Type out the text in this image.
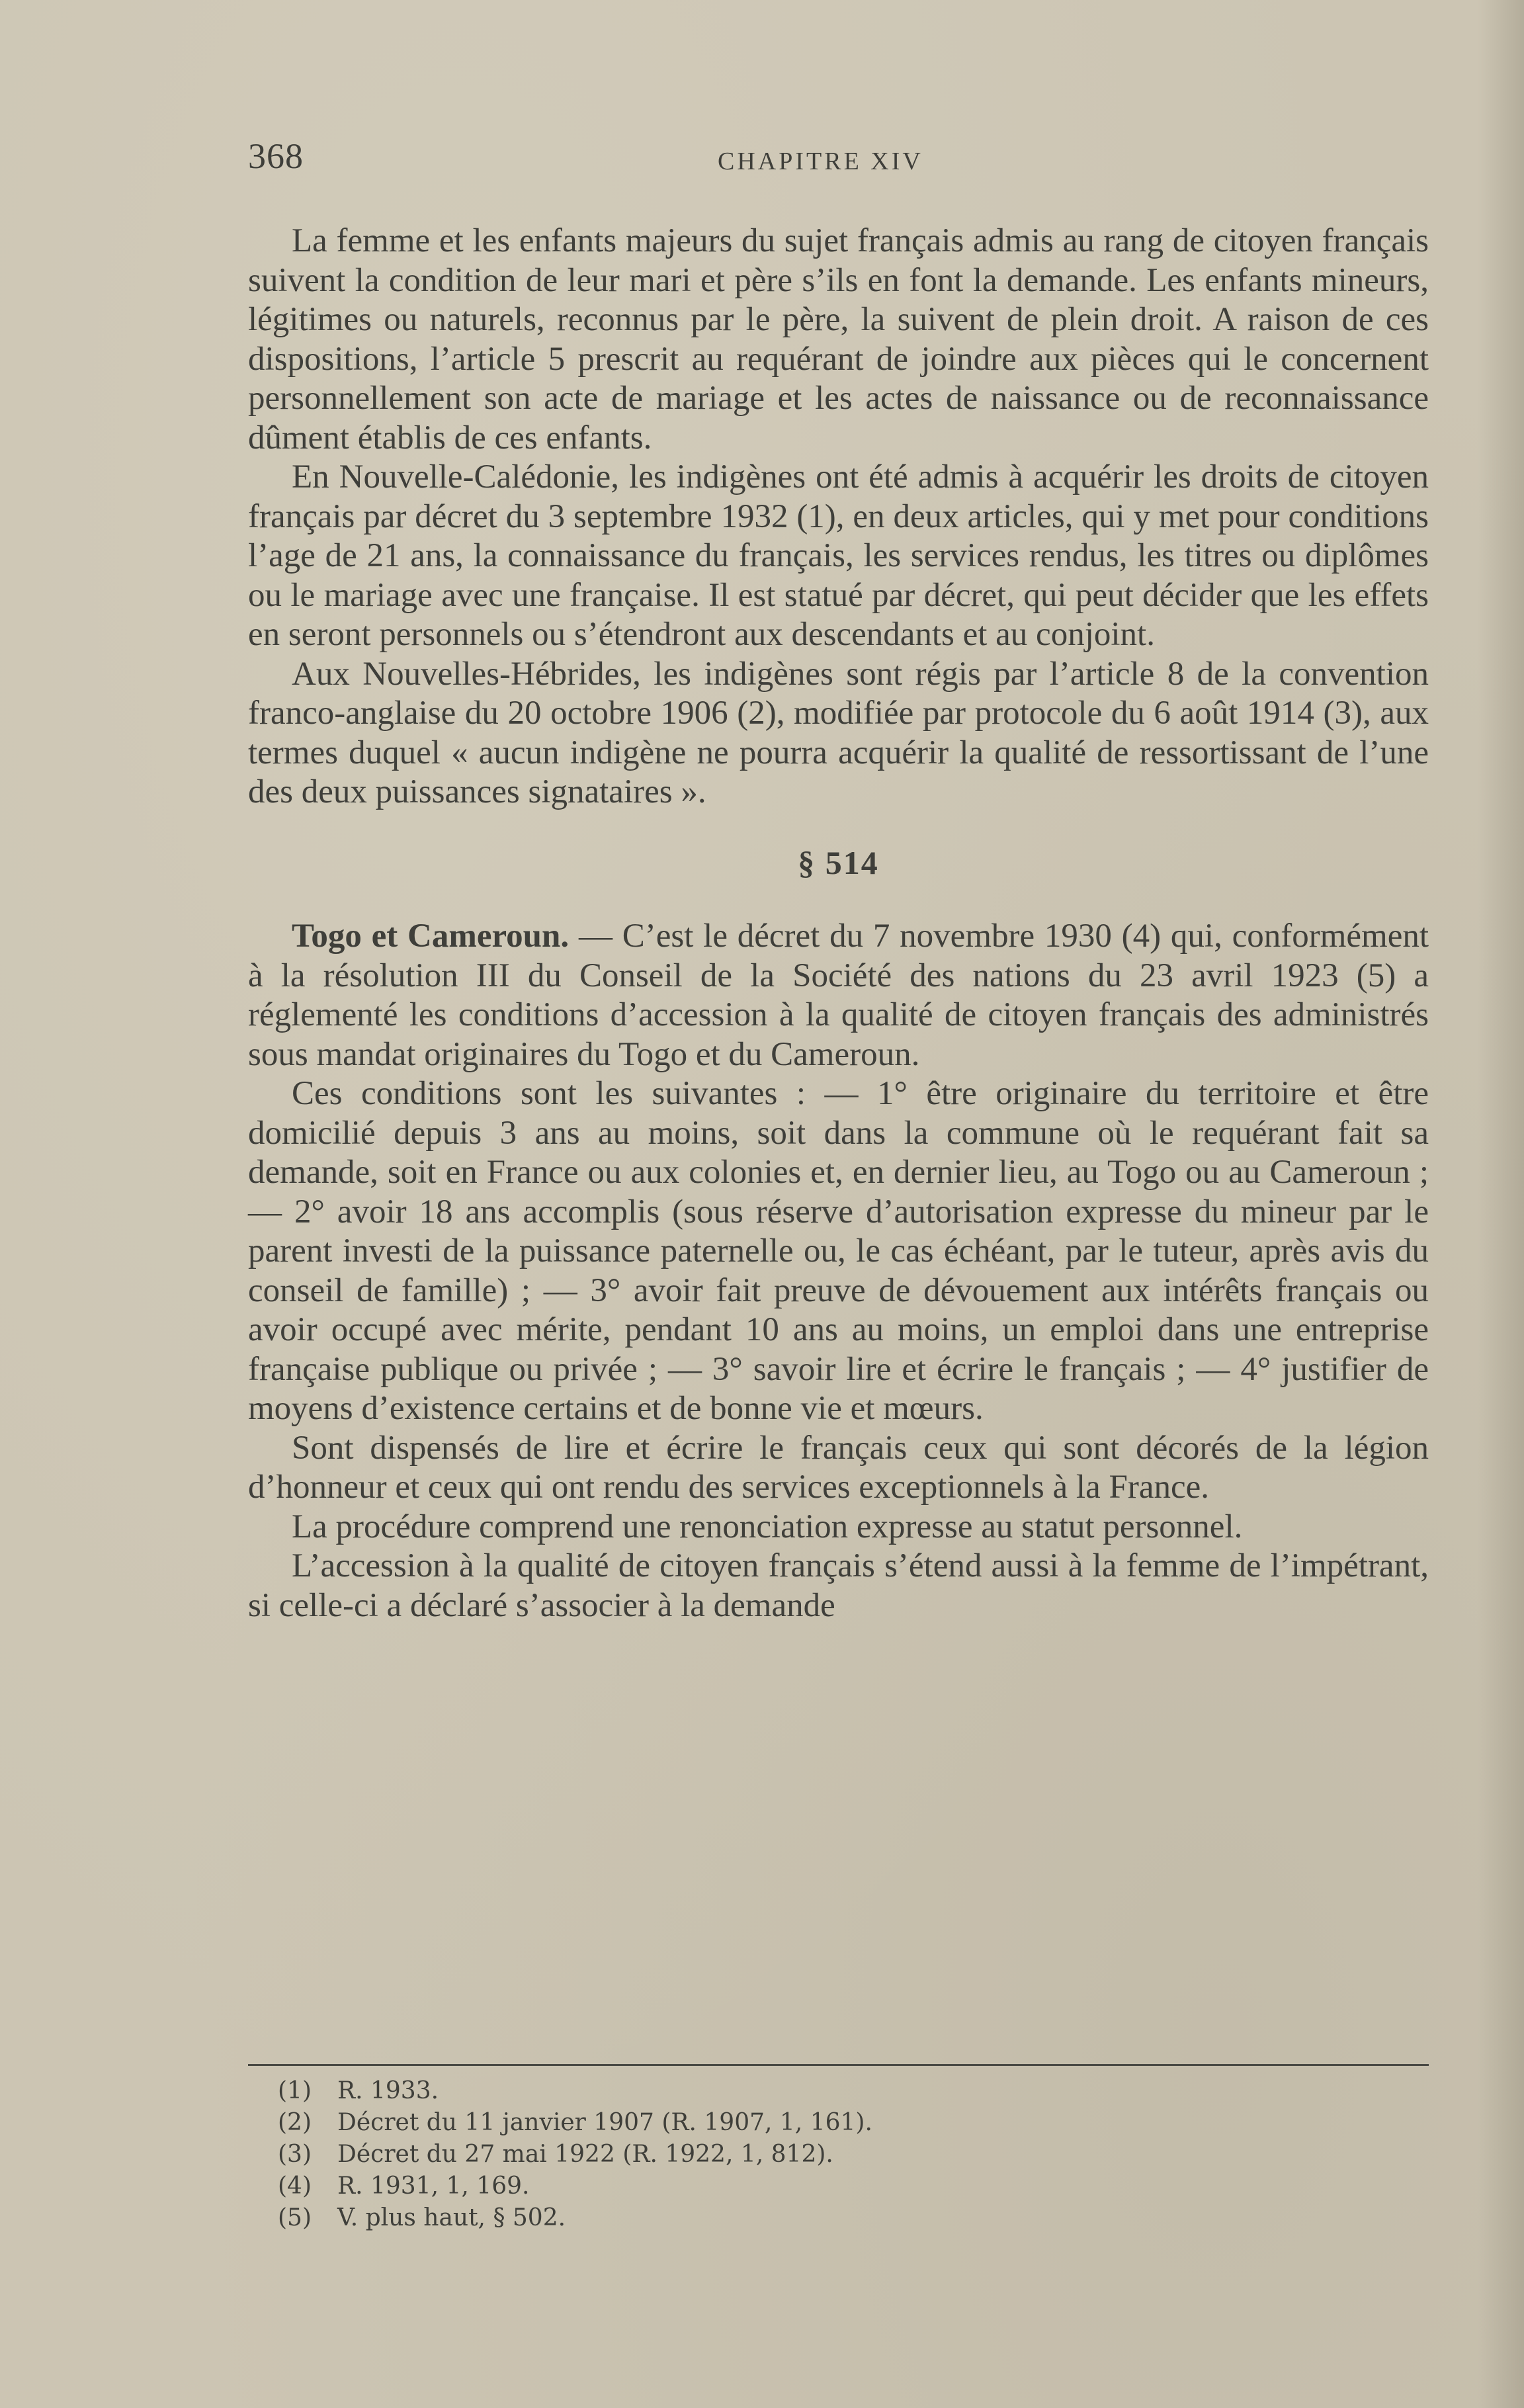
368	CHAPITRE XIV

La femme et les enfants majeurs du sujet français admis au rang de citoyen français suivent la condition de leur mari et père s’ils en font la demande. Les enfants mineurs, légitimes ou naturels, reconnus par le père, la suivent de plein droit. A raison de ces dispositions, l’article 5 prescrit au requérant de joindre aux pièces qui le concernent personnellement son acte de mariage et les actes de naissance ou de reconnaissance dûment établis de ces enfants.

En Nouvelle-Calédonie, les indigènes ont été admis à acquérir les droits de citoyen français par décret du 3 septembre 1932 (1), en deux articles, qui y met pour conditions l’age de 21 ans, la connaissance du français, les services rendus, les titres ou diplômes ou le mariage avec une française. Il est statué par décret, qui peut décider que les effets en seront personnels ou s’étendront aux descendants et au conjoint.

Aux Nouvelles-Hébrides, les indigènes sont régis par l’article 8 de la convention franco-anglaise du 20 octobre 1906 (2), modifiée par protocole du 6 août 1914 (3), aux termes duquel « aucun indigène ne pourra acquérir la qualité de ressortissant de l’une des deux puissances signataires ».

§ 514

Togo et Cameroun. — C’est le décret du 7 novembre 1930 (4) qui, conformément à la résolution III du Conseil de la Société des nations du 23 avril 1923 (5) a réglementé les conditions d’accession à la qualité de citoyen français des administrés sous mandat originaires du Togo et du Cameroun.

Ces conditions sont les suivantes : — 1° être originaire du territoire et être domicilié depuis 3 ans au moins, soit dans la commune où le requérant fait sa demande, soit en France ou aux colonies et, en dernier lieu, au Togo ou au Cameroun ; — 2° avoir 18 ans accomplis (sous réserve d’autorisation expresse du mineur par le parent investi de la puissance paternelle ou, le cas échéant, par le tuteur, après avis du conseil de famille) ; — 3° avoir fait preuve de dévouement aux intérêts français ou avoir occupé avec mérite, pendant 10 ans au moins, un emploi dans une entreprise française publique ou privée ; — 3° savoir lire et écrire le français ; — 4° justifier de moyens d’existence certains et de bonne vie et mœurs.

Sont dispensés de lire et écrire le français ceux qui sont décorés de la légion d’honneur et ceux qui ont rendu des services exceptionnels à la France.

La procédure comprend une renonciation expresse au statut personnel.

L’accession à la qualité de citoyen français s’étend aussi à la femme de l’impétrant, si celle-ci a déclaré s’associer à la demande

(1) R. 1933.
(2) Décret du 11 janvier 1907 (R. 1907, 1, 161).
(3) Décret du 27 mai 1922 (R. 1922, 1, 812).
(4) R. 1931, 1, 169.
(5) V. plus haut, § 502.
